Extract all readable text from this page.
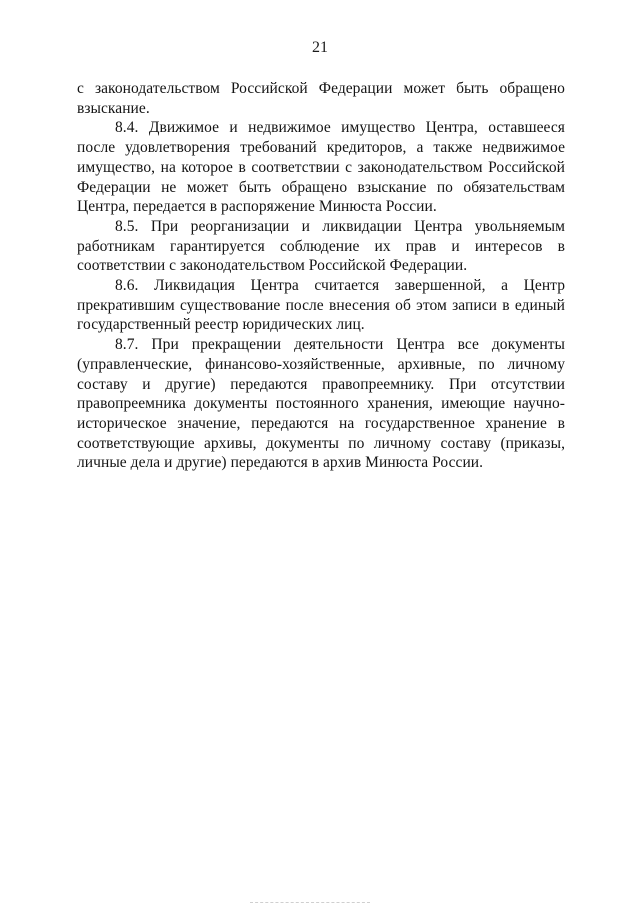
21

с законодательством Российской Федерации может быть обращено взыскание.

8.4. Движимое и недвижимое имущество Центра, оставшееся после удовлетворения требований кредиторов, а также недвижимое имущество, на которое в соответствии с законодательством Российской Федерации не может быть обращено взыскание по обязательствам Центра, передается в распоряжение Минюста России.

8.5. При реорганизации и ликвидации Центра увольняемым работникам гарантируется соблюдение их прав и интересов в соответствии с законодательством Российской Федерации.

8.6. Ликвидация Центра считается завершенной, а Центр прекратившим существование после внесения об этом записи в единый государственный реестр юридических лиц.

8.7. При прекращении деятельности Центра все документы (управленческие, финансово-хозяйственные, архивные, по личному составу и другие) передаются правопреемнику. При отсутствии правопреемника документы постоянного хранения, имеющие научно-историческое значение, передаются на государственное хранение в соответствующие архивы, документы по личному составу (приказы, личные дела и другие) передаются в архив Минюста России.
